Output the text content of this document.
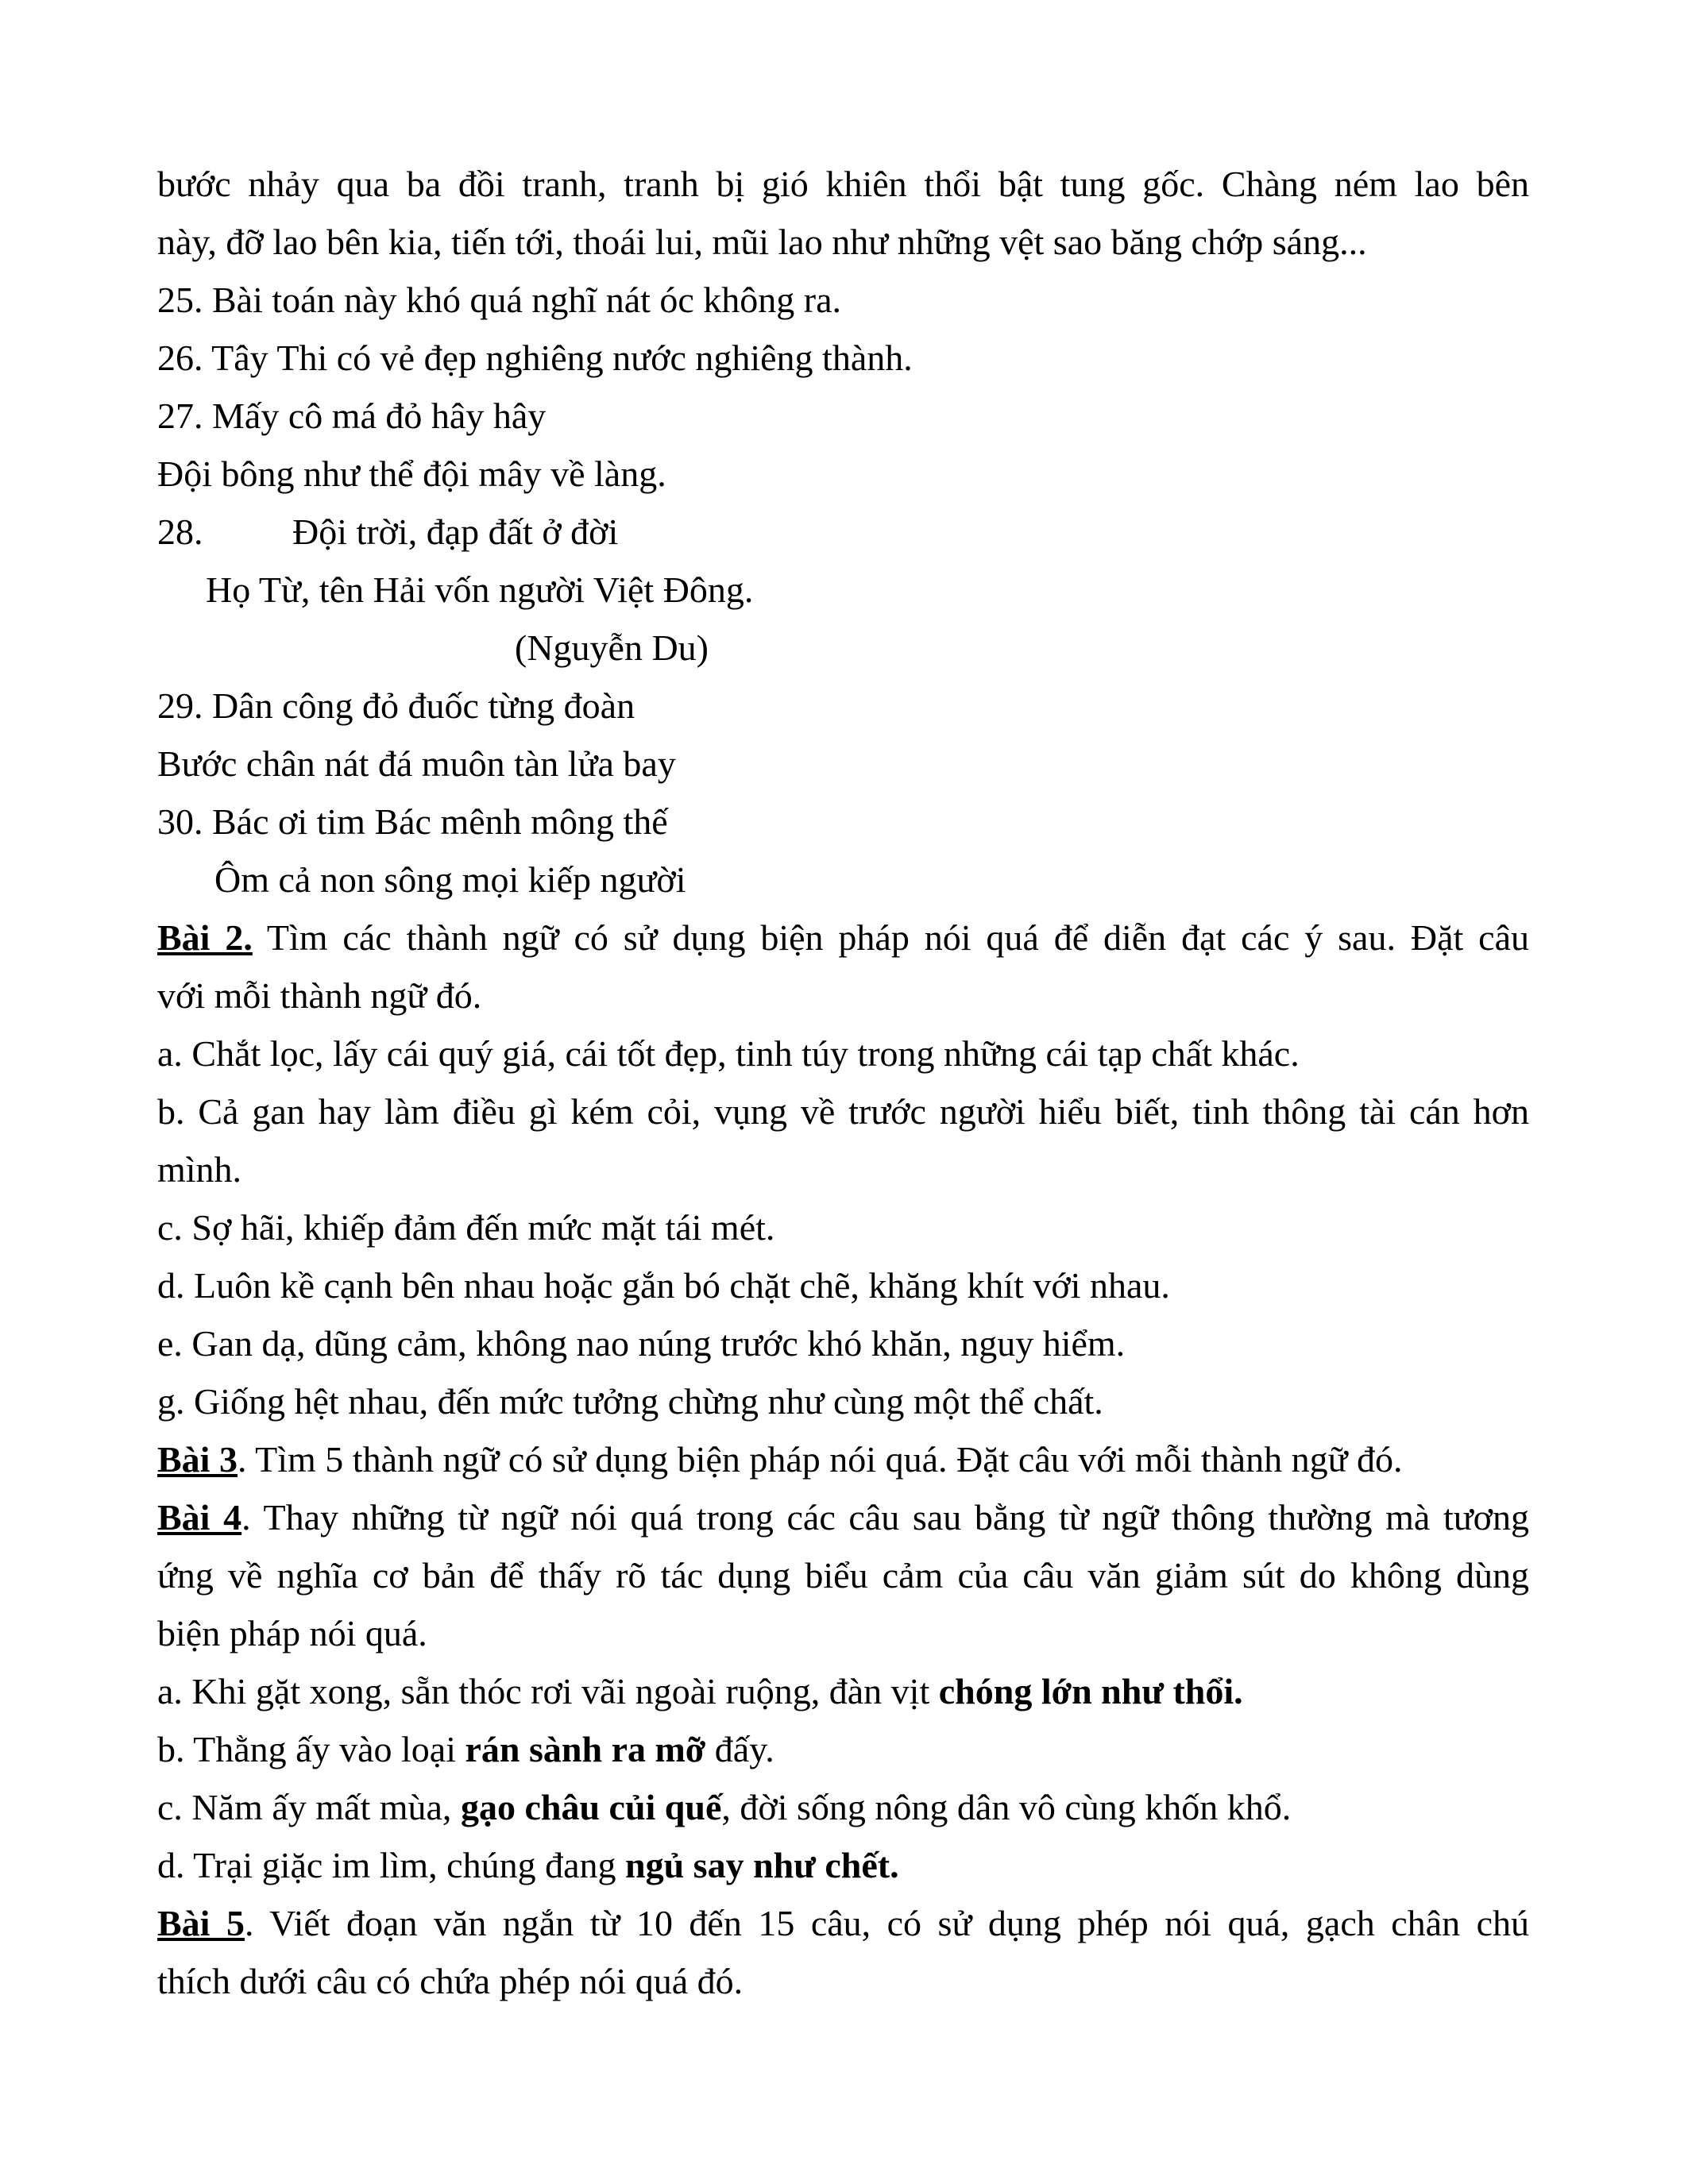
bước nhảy qua ba đồi tranh, tranh bị gió khiên thổi bật tung gốc. Chàng ném lao bên
này, đỡ lao bên kia, tiến tới, thoái lui, mũi lao như những vệt sao băng chớp sáng...
25. Bài toán này khó quá nghĩ nát óc không ra.
26. Tây Thi có vẻ đẹp nghiêng nước nghiêng thành.
27. Mấy cô má đỏ hây hây
Đội bông như thể đội mây về làng.
28. Đội trời, đạp đất ở đời
Họ Từ, tên Hải vốn người Việt Đông.
(Nguyễn Du)
29. Dân công đỏ đuốc từng đoàn
Bước chân nát đá muôn tàn lửa bay
30. Bác ơi tim Bác mênh mông thế
Ôm cả non sông mọi kiếp người
Bài 2. Tìm các thành ngữ có sử dụng biện pháp nói quá để diễn đạt các ý sau. Đặt câu
với mỗi thành ngữ đó.
a. Chắt lọc, lấy cái quý giá, cái tốt đẹp, tinh túy trong những cái tạp chất khác.
b. Cả gan hay làm điều gì kém cỏi, vụng về trước người hiểu biết, tinh thông tài cán hơn
mình.
c. Sợ hãi, khiếp đảm đến mức mặt tái mét.
d. Luôn kề cạnh bên nhau hoặc gắn bó chặt chẽ, khăng khít với nhau.
e. Gan dạ, dũng cảm, không nao núng trước khó khăn, nguy hiểm.
g. Giống hệt nhau, đến mức tưởng chừng như cùng một thể chất.
Bài 3. Tìm 5 thành ngữ có sử dụng biện pháp nói quá. Đặt câu với mỗi thành ngữ đó.
Bài 4. Thay những từ ngữ nói quá trong các câu sau bằng từ ngữ thông thường mà tương
ứng về nghĩa cơ bản để thấy rõ tác dụng biểu cảm của câu văn giảm sút do không dùng
biện pháp nói quá.
a. Khi gặt xong, sẵn thóc rơi vãi ngoài ruộng, đàn vịt chóng lớn như thổi.
b. Thằng ấy vào loại rán sành ra mỡ đấy.
c. Năm ấy mất mùa, gạo châu củi quế, đời sống nông dân vô cùng khốn khổ.
d. Trại giặc im lìm, chúng đang ngủ say như chết.
Bài 5. Viết đoạn văn ngắn từ 10 đến 15 câu, có sử dụng phép nói quá, gạch chân chú
thích dưới câu có chứa phép nói quá đó.
